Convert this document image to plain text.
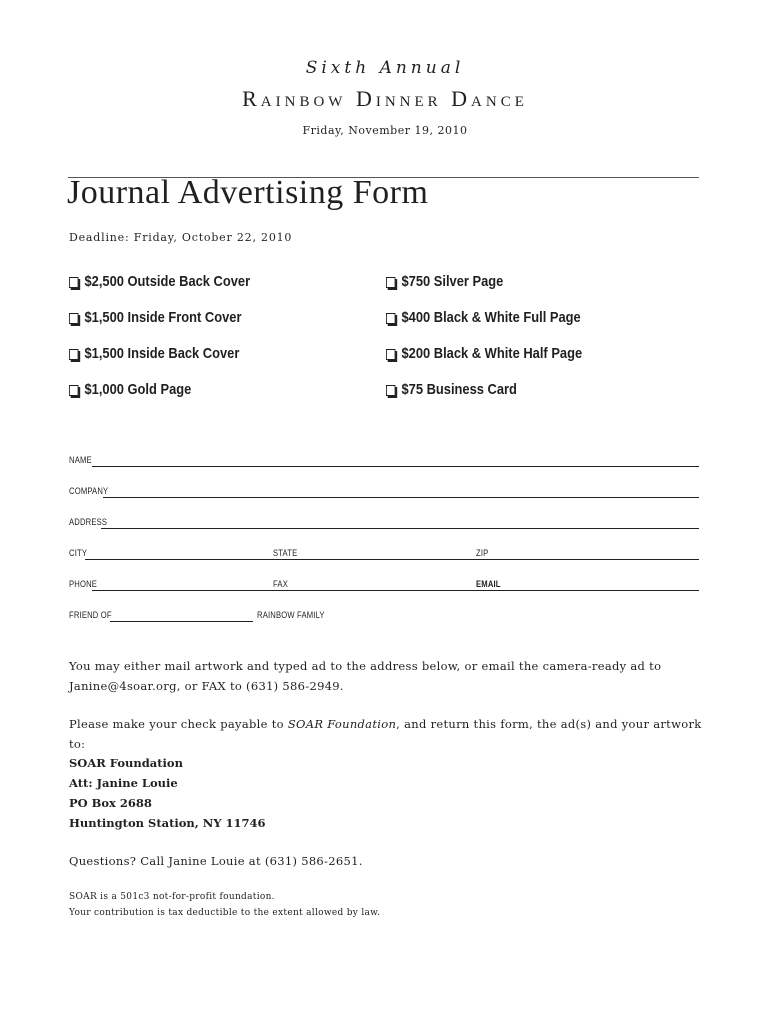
Sixth Annual
Rainbow Dinner Dance
Friday, November 19, 2010
Journal Advertising Form
Deadline: Friday, October 22, 2010
$2,500 Outside Back Cover
$1,500 Inside Front Cover
$1,500 Inside Back Cover
$1,000 Gold Page
$750 Silver Page
$400 Black & White Full Page
$200 Black & White Half Page
$75 Business Card
NAME
COMPANY
ADDRESS
CITY	STATE	ZIP
PHONE	FAX	EMAIL
FRIEND OF	RAINBOW FAMILY
You may either mail artwork and typed ad to the address below, or email the camera-ready ad to
Janine@4soar.org, or FAX to (631) 586-2949.
Please make your check payable to SOAR Foundation, and return this form, the ad(s) and your artwork to:
SOAR Foundation
Att: Janine Louie
PO Box 2688
Huntington Station, NY 11746
Questions? Call Janine Louie at (631) 586-2651.
SOAR is a 501c3 not-for-profit foundation.
Your contribution is tax deductible to the extent allowed by law.
